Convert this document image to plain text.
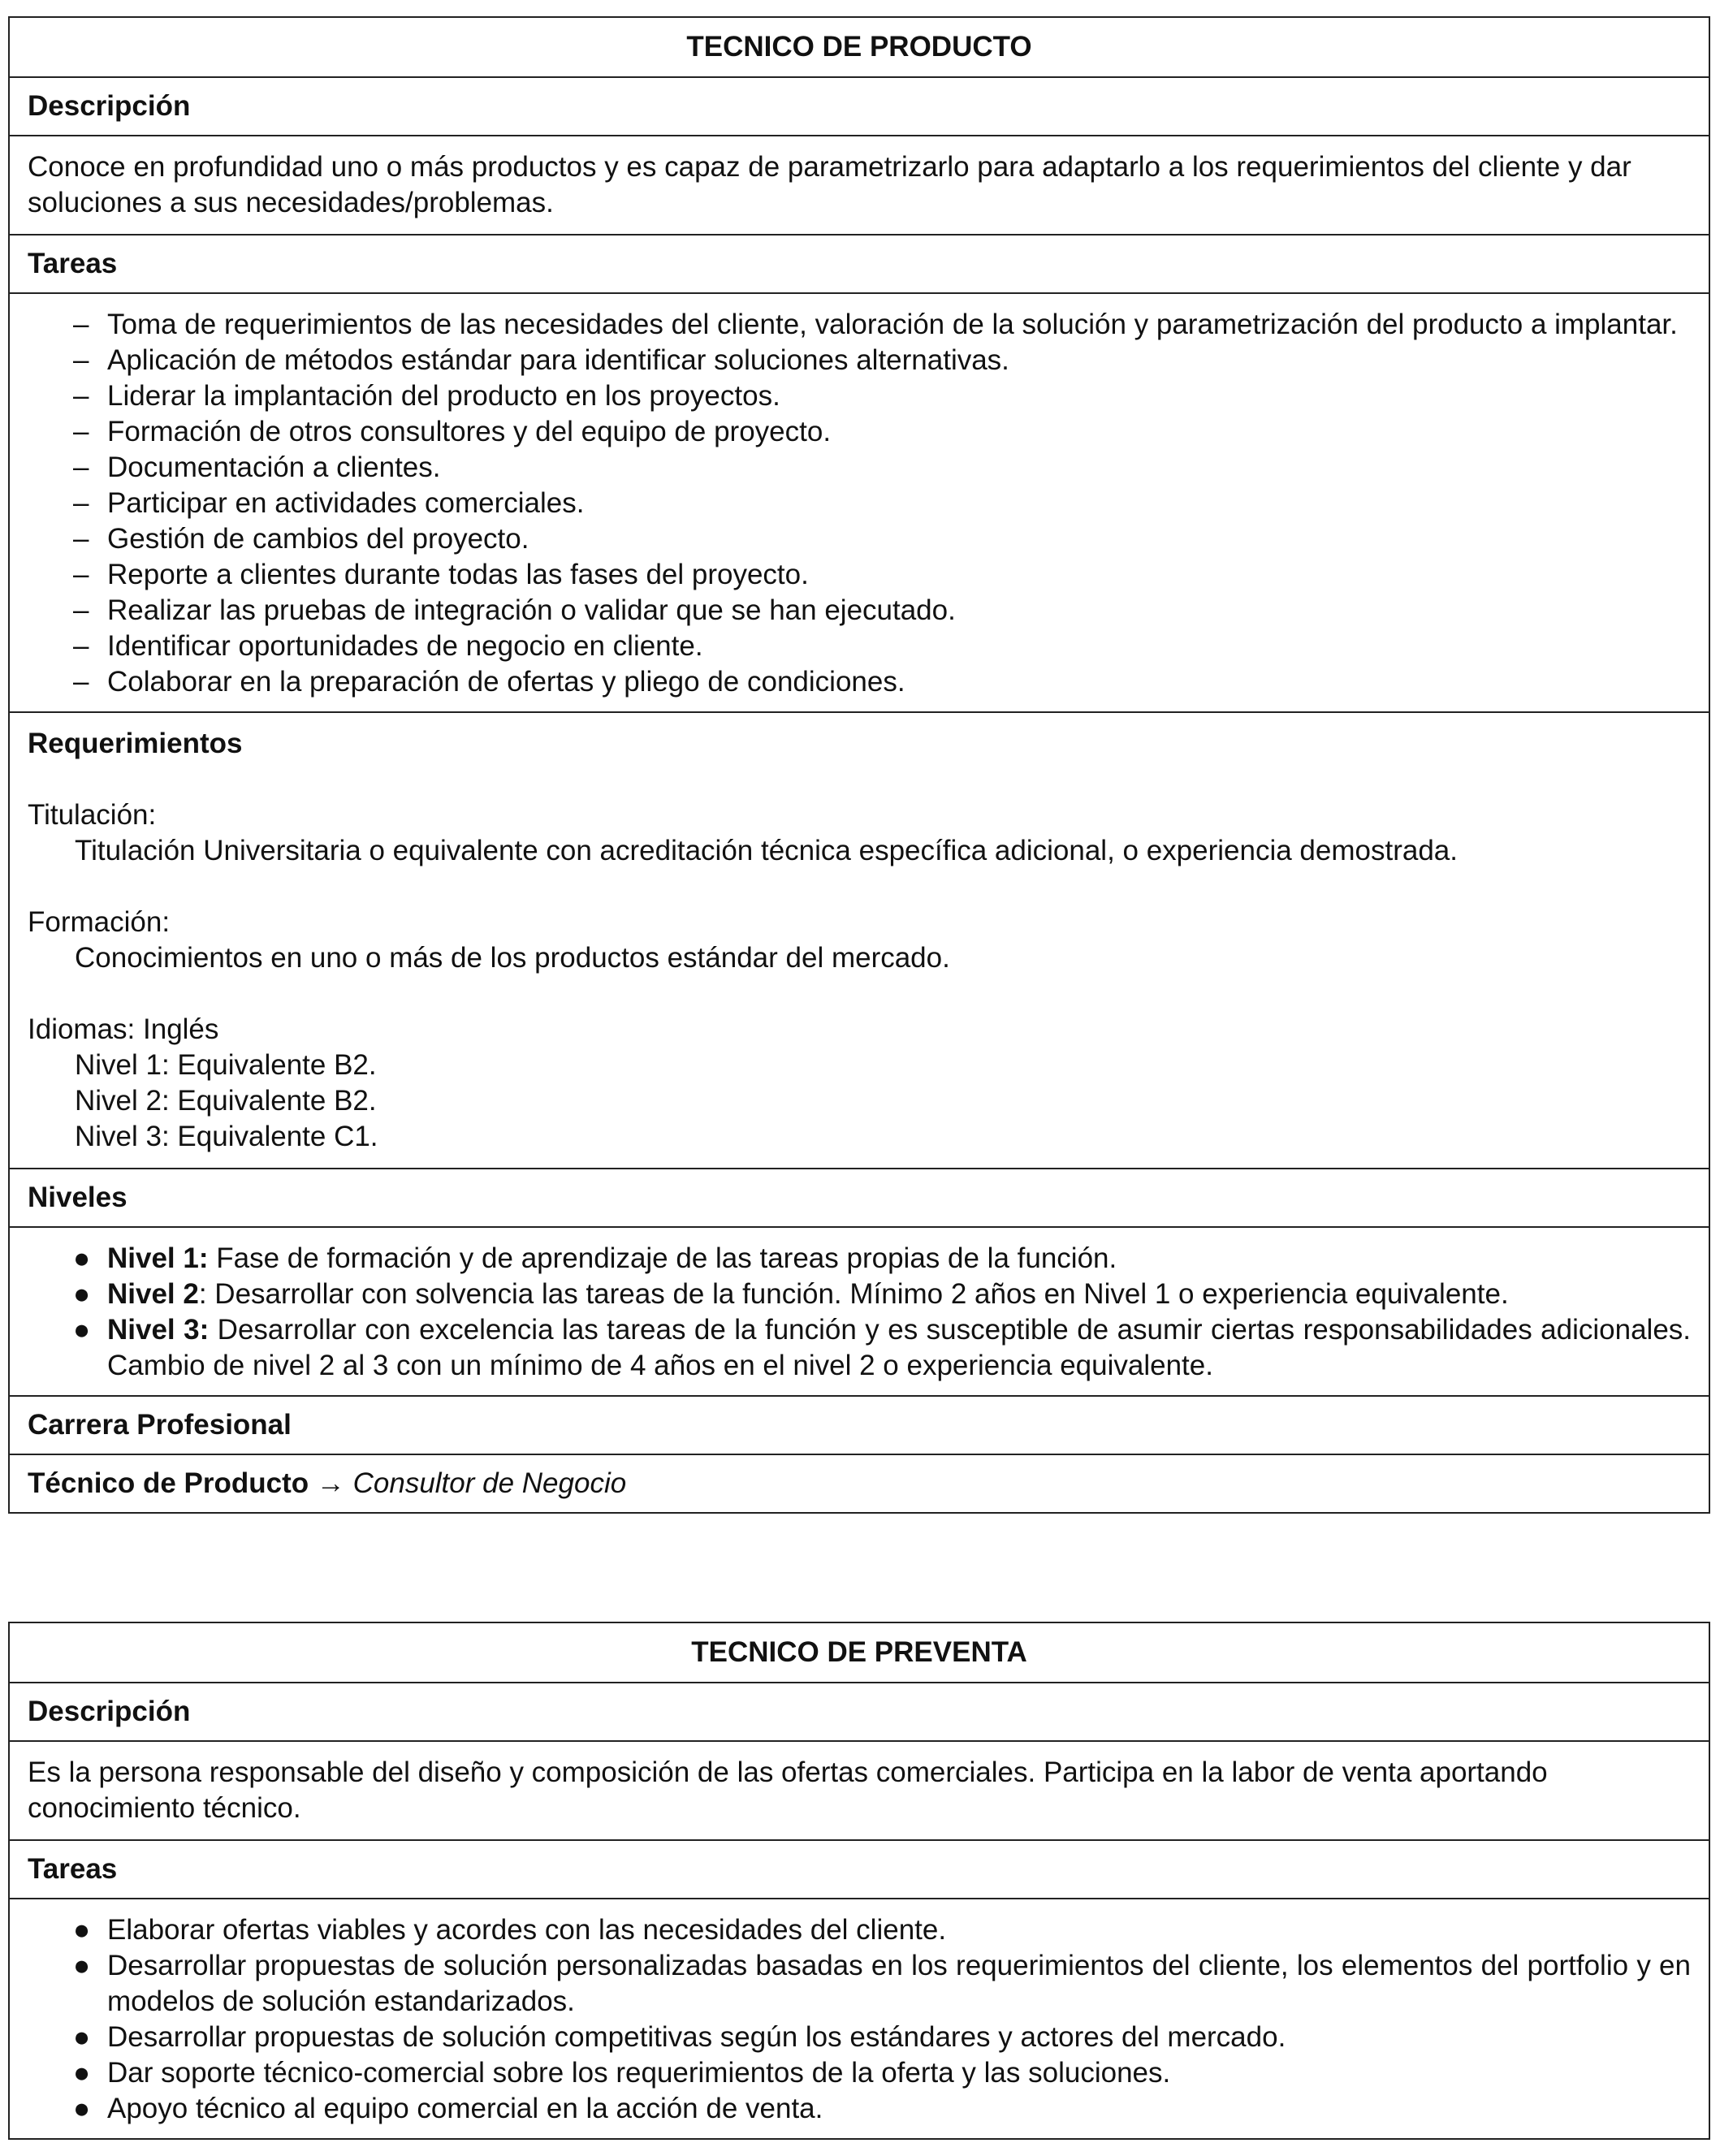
TECNICO DE PRODUCTO
Descripción
Conoce en profundidad uno o más productos y es capaz de parametrizarlo para adaptarlo a los requerimientos del cliente y dar soluciones a sus necesidades/problemas.
Tareas
– Toma de requerimientos de las necesidades del cliente, valoración de la solución y parametrización del producto a implantar.
– Aplicación de métodos estándar para identificar soluciones alternativas.
– Liderar la implantación del producto en los proyectos.
– Formación de otros consultores y del equipo de proyecto.
– Documentación a clientes.
– Participar en actividades comerciales.
– Gestión de cambios del proyecto.
– Reporte a clientes durante todas las fases del proyecto.
– Realizar las pruebas de integración o validar que se han ejecutado.
– Identificar oportunidades de negocio en cliente.
– Colaborar en la preparación de ofertas y pliego de condiciones.
Requerimientos
Titulación:
Titulación Universitaria o equivalente con acreditación técnica específica adicional, o experiencia demostrada.
Formación:
Conocimientos en uno o más de los productos estándar del mercado.
Idiomas: Inglés
Nivel 1: Equivalente B2.
Nivel 2: Equivalente B2.
Nivel 3: Equivalente C1.
Niveles
● Nivel 1: Fase de formación y de aprendizaje de las tareas propias de la función.
● Nivel 2: Desarrollar con solvencia las tareas de la función. Mínimo 2 años en Nivel 1 o experiencia equivalente.
● Nivel 3: Desarrollar con excelencia las tareas de la función y es susceptible de asumir ciertas responsabilidades adicionales. Cambio de nivel 2 al 3 con un mínimo de 4 años en el nivel 2 o experiencia equivalente.
Carrera Profesional
Técnico de Producto → Consultor de Negocio
TECNICO DE PREVENTA
Descripción
Es la persona responsable del diseño y composición de las ofertas comerciales. Participa en la labor de venta aportando conocimiento técnico.
Tareas
● Elaborar ofertas viables y acordes con las necesidades del cliente.
● Desarrollar propuestas de solución personalizadas basadas en los requerimientos del cliente, los elementos del portfolio y en modelos de solución estandarizados.
● Desarrollar propuestas de solución competitivas según los estándares y actores del mercado.
● Dar soporte técnico-comercial sobre los requerimientos de la oferta y las soluciones.
● Apoyo técnico al equipo comercial en la acción de venta.
